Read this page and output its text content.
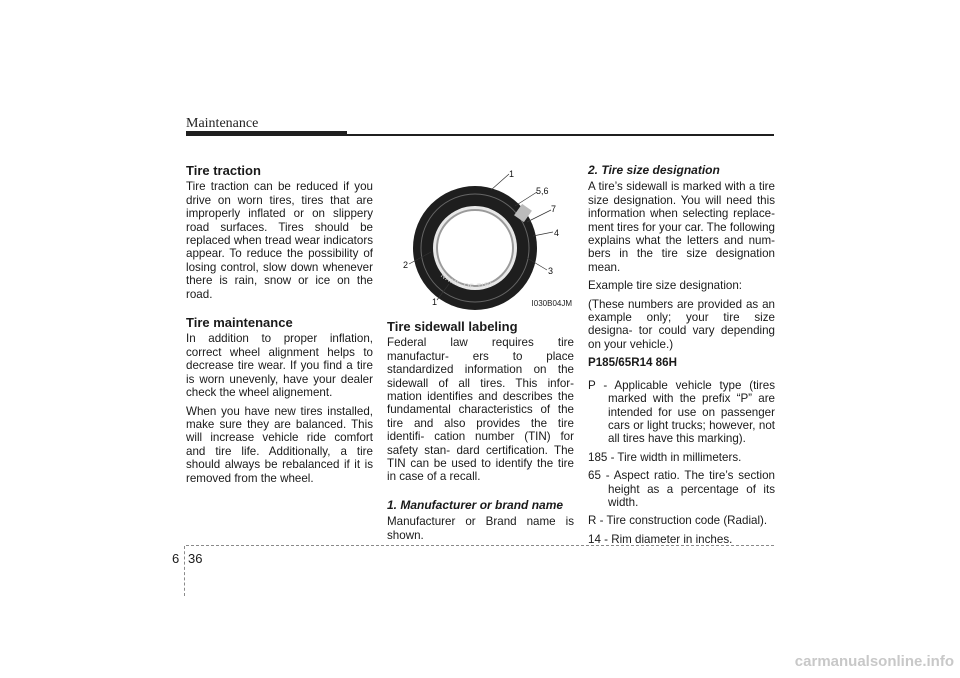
Maintenance
Tire traction

Tire traction can be reduced if you drive on worn tires, tires that are improperly inflated or on slippery road surfaces. Tires should be replaced when tread wear indicators appear. To reduce the possibility of losing control, slow down whenever there is rain, snow or ice on the road.

Tire maintenance

In addition to proper inflation, correct wheel alignment helps to decrease tire wear. If you find a tire is worn unevenly, have your dealer check the wheel alignement.

When you have new tires installed, make sure they are balanced. This will increase vehicle ride comfort and tire life. Additionally, a tire should always be rebalanced if it is removed from the wheel.

NAME OF TIRE
1
5,6
7
4
3
2
1	I030B04JM
Tire sidewall labeling

Federal law requires tire manufactur- ers to place standardized information on the sidewall of all tires. This infor- mation identifies and describes the fundamental characteristics of the tire and also provides the tire identifi- cation number (TIN) for safety stan- dard certification. The TIN can be used to identify the tire in case of a recall.

1. Manufacturer or brand name

Manufacturer or Brand name is shown.

2. Tire size designation

A tire’s sidewall is marked with a tire size designation. You will need this information when selecting replace- ment tires for your car. The following explains what the letters and num- bers in the tire size designation mean.

Example tire size designation:

(These numbers are provided as an example only; your tire size designa- tor could vary depending on your vehicle.)

P185/65R14 86H

P - Applicable vehicle type (tires marked with the prefix “P” are intended for use on passenger cars or light trucks; however, not all tires have this marking).

185 - Tire width in millimeters.

65 - Aspect ratio. The tire’s section height as a percentage of its width.

R - Tire construction code (Radial).

14 - Rim diameter in inches.

6 36
carmanualsonline.info
